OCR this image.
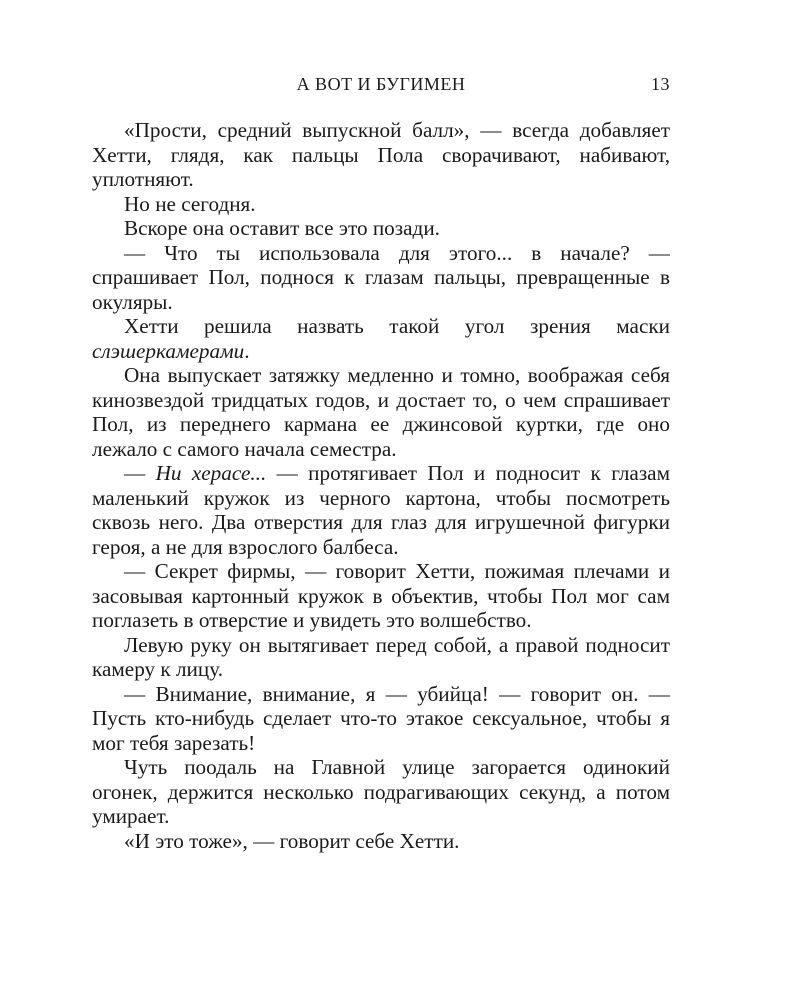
А ВОТ И БУГИМЕН	13

«Прости, средний выпускной балл», — всегда добавляет Хетти, глядя, как пальцы Пола сворачивают, набивают, уплотняют.

Но не сегодня.

Вскоре она оставит все это позади.

— Что ты использовала для этого... в начале? — спрашивает Пол, поднося к глазам пальцы, превращенные в окуляры.

Хетти решила назвать такой угол зрения маски слэшеркамерами.

Она выпускает затяжку медленно и томно, воображая себя кинозвездой тридцатых годов, и достает то, о чем спрашивает Пол, из переднего кармана ее джинсовой куртки, где оно лежало с самого начала семестра.

— Ни херасе... — протягивает Пол и подносит к глазам маленький кружок из черного картона, чтобы посмотреть сквозь него. Два отверстия для глаз для игрушечной фигурки героя, а не для взрослого балбеса.

— Секрет фирмы, — говорит Хетти, пожимая плечами и засовывая картонный кружок в объектив, чтобы Пол мог сам поглазеть в отверстие и увидеть это волшебство.

Левую руку он вытягивает перед собой, а правой подносит камеру к лицу.

— Внимание, внимание, я — убийца! — говорит он. — Пусть кто-нибудь сделает что-то этакое сексуальное, чтобы я мог тебя зарезать!

Чуть поодаль на Главной улице загорается одинокий огонек, держится несколько подрагивающих секунд, а потом умирает.

«И это тоже», — говорит себе Хетти.
